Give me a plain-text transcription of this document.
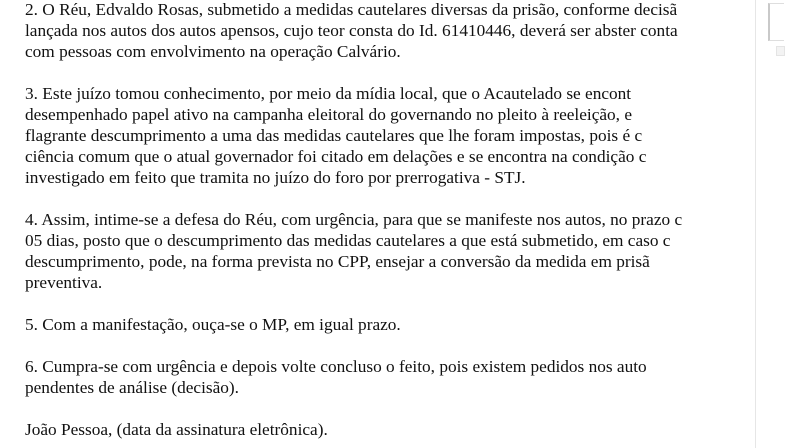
2. O Réu, Edvaldo Rosas, submetido a medidas cautelares diversas da prisão, conforme decisã
lançada nos autos dos autos apensos, cujo teor consta do Id. 61410446, deverá ser abster conta
com pessoas com envolvimento na operação Calvário.
3. Este juízo tomou conhecimento, por meio da mídia local, que o Acautelado se encont
desempenhado papel ativo na campanha eleitoral do governando no pleito à reeleição, e
flagrante descumprimento a uma das medidas cautelares que lhe foram impostas, pois é c
ciência comum que o atual governador foi citado em delações e se encontra na condição c
investigado em feito que tramita no juízo do foro por prerrogativa - STJ.
4. Assim, intime-se a defesa do Réu, com urgência, para que se manifeste nos autos, no prazo c
05 dias, posto que o descumprimento das medidas cautelares a que está submetido, em caso c
descumprimento, pode, na forma prevista no CPP, ensejar a conversão da medida em prisã
preventiva.
5. Com a manifestação, ouça-se o MP, em igual prazo.
6. Cumpra-se com urgência e depois volte concluso o feito, pois existem pedidos nos auto
pendentes de análise (decisão).
João Pessoa, (data da assinatura eletrônica).
